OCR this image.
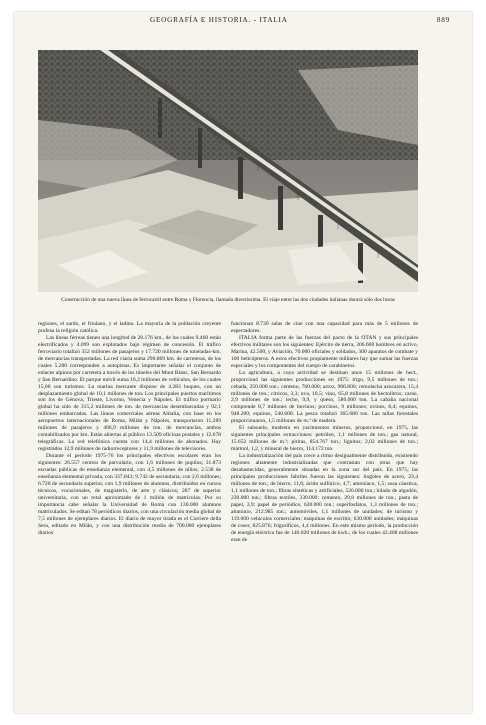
GEOGRAFÍA E HISTORIA. - ITALIA	889
Construcción de una nueva línea de ferrocarril entre Roma y Florencia, llamada directissima. El viaje entre las dos ciudades italianas durará sólo dos horas

regiones, el sardo, el friulano, y el ladino. La mayoría de la población creyente profesa la religión católica.

Las líneas férreas tienen una longitud de 20.176 km., de los cuales 9.460 están electrificados y 4.099 son explotados bajo régimen de concesión. El tráfico ferroviario totalizó 352 millones de pasajeros y 17.720 millones de toneladas-km. de mercancías transportadas. La red viaria suma 290.869 km. de carreteras, de los cuales 5.280 corresponden a autopistas. Es importante señalar el conjunto de enlaces alpinos por carretera a través de los túneles del Mont Blanc, San Bernardo y San Bernardino. El parque móvil suma 16,2 millones de vehículos, de los cuales 15,06 son turismos. La marina mercante dispone de 4.283 buques, con un desplazamiento global de 10,1 millones de ton. Los principales puertos marítimos son los de Génova, Trieste, Livorno, Venecia y Nápoles. El tráfico portuario global ha sido de 315,2 millones de ton. de mercancías desembarcadas y 92,1 millones embarcadas. Las líneas comerciales aéreas Alitalia, con base en los aeropuertos internacionales de Roma, Milán y Nápoles, transportaron 11,289 millones de pasajeros y 406,9 millones de ton. de mercancías, ambos contabilizados por km. Están abiertas al público 13.509 oficinas postales y 12.678 telegráficas. La red telefónica cuenta con 14,4 millones de abonados. Hay registrados 12,9 millones de radiorreceptores y 11,9 millones de televisores.

Durante el período 1975-76 los principales efectivos escolares eran los siguientes: 26.557 centros de parvulario, con 1,6 millones de pupilos; 31.873 escuelas públicas de enseñanza elemental, con 4,5 millones de niños; 2.538 de enseñanza elemental privada, con 337.843; 9.742 de secundaria, con 2,6 millones; 6.720 de secundaria superior, con 1,9 millones de alumnos, distribuidos en cursos técnicos, vocacionales, de magisterio, de arte y clásicos; 287 de superior universitaria, con un total aproximado de 1 millón de matrículas. Por su importancia cabe señalar la Universidad de Roma con 130.000 alumnos matriculados. Se editan 78 periódicos diarios, con una circulación media global de 7,5 millones de ejemplares diarios. El diario de mayor tirada es el Corriere della Sera, editado en Milán, y con una distribución media de 700.000 ejemplares diarios

funcionan 8.730 salas de cine con una capacidad para más de 5 millones de espectadores.

ITALIA forma parte de las fuerzas del pacto de la OTAN y sus principales efectivos militares son los siguientes: Ejército de tierra, 306.600 hombres en activo, Marina, 42.500, y Aviación, 70.000 oficiales y soldados, 300 aparatos de combate y 100 helicópteros. A estos efectivos propiamente militares hay que sumar las fuerzas especiales y los componentes del cuerpo de carabineros.

La agricultura, a cuya actividad se destinan unos 15 millones de hect., proporcionó las siguientes producciones en 1975: trigo, 9,5 millones de ton.; cebada, 250.000 ton.; centeno, 760.000; arroz, 906.800; remolacha azucarera, 15,4 millones de ton.; cítricos, 3,3; uva, 10,5; vino, 65,8 millones de hectolitros; carne, 2,9 millones de ton.; leche, 9,9, y queso, 580.000 ton. La cabaña nacional comprende 8,7 millones de bovinos; porcinos, 9 millones; ovinos, 8,4; equinos, 948.200; equinos, 540.600. La pesca totalizó 365.680 ton. Las tallas forestales proporcionaron, 1,5 millones de m.³ de madera.

El subsuelo, modesto en yacimientos mineros, proporcionó, en 1975, las siguientes principales extracciones: petróleo, 1,1 millones de ton.; gas natural, 15.652 millones de m.³; piritas, 854.767 ton.; lignitos; 2,02 millones de ton.; mármol, 1,2, y mineral de hierro, 114.172 ton.

La industrialización del país crece a ritmo desigualmente distribuido, existiendo regiones altamente industrializadas que contrastan con otras que hay desabastecidas, generalmente situadas en la zona sur del país. En 1975, las principales producciones fabriles fueron las siguientes: lingotes de acero, 23,4 millones de ton.; de hierro, 11,6; ácido sulfúrico, 4,7; amoníaco, 1,5; sosa cáustica, 1,1 millones de ton.; fibras sintéticas y artificiales, 526.000 ton.; hilado de algodón, 230.000 ton.; fibras textiles, 330.000; cemento, 29,8 millones de ton.; pasta de papel, 3,9; papel de periódico, 620.000 ton.; superfosfatos, 1,3 millones de ton.; aluminio, 212.985 ton.; automóviles, 1,1 millones de unidades; de turismo y 119.000 vehículos comerciales; máquinas de escribir, 630.000 unidades; máquinas de coser, 825.876; frigoríficos, 4,4 millones. En este mismo período, la producción de energía eléctrica fue de 140.820 millones de kwh.; de los cuales 42.408 millones eran de
